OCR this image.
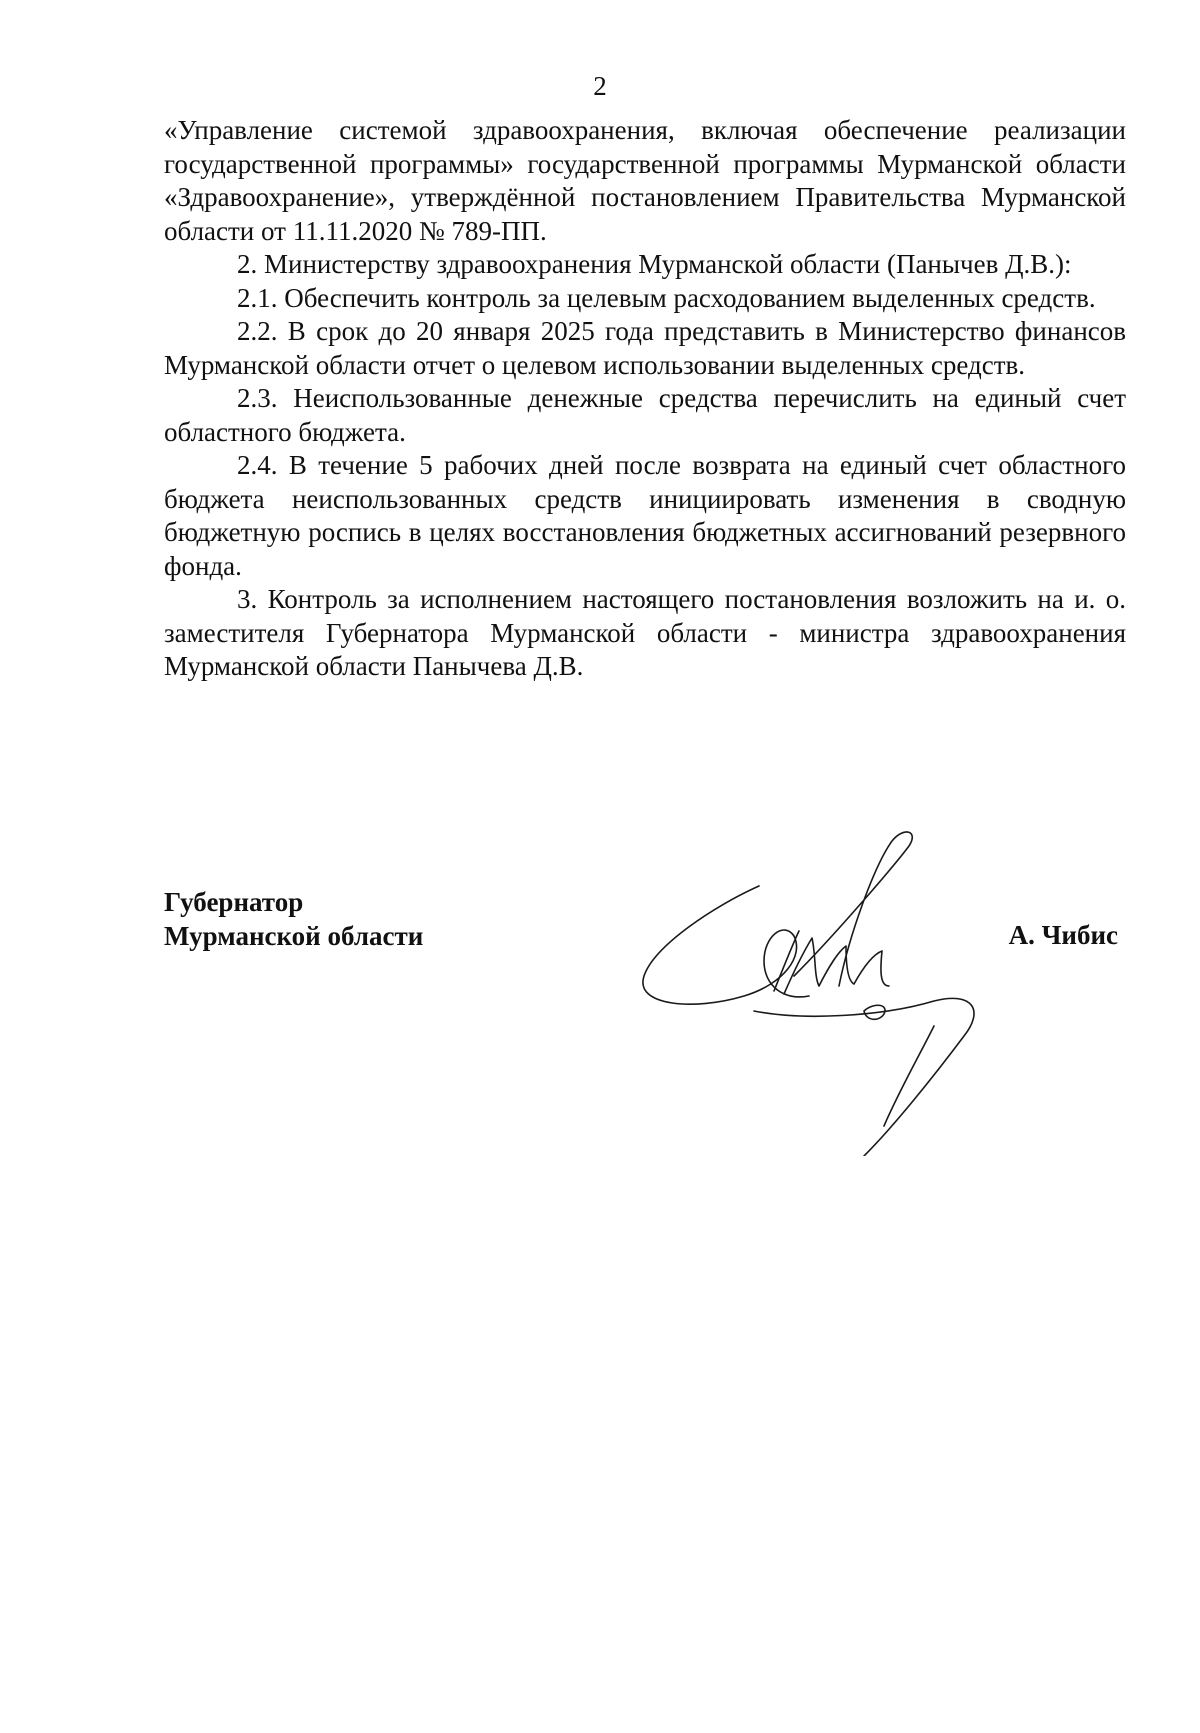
2

«Управление системой здравоохранения, включая обеспечение реализации государственной программы» государственной программы Мурманской области «Здравоохранение», утверждённой постановлением Правительства Мурманской области от 11.11.2020 № 789-ПП.

2. Министерству здравоохранения Мурманской области (Панычев Д.В.):

2.1. Обеспечить контроль за целевым расходованием выделенных средств.

2.2. В срок до 20 января 2025 года представить в Министерство финансов Мурманской области отчет о целевом использовании выделенных средств.

2.3. Неиспользованные денежные средства перечислить на единый счет областного бюджета.

2.4. В течение 5 рабочих дней после возврата на единый счет областного бюджета неиспользованных средств инициировать изменения в сводную бюджетную роспись в целях восстановления бюджетных ассигнований резервного фонда.

3. Контроль за исполнением настоящего постановления возложить на и. о. заместителя Губернатора Мурманской области - министра здравоохранения Мурманской области Панычева Д.В.

Губернатор
Мурманской области	А. Чибис
